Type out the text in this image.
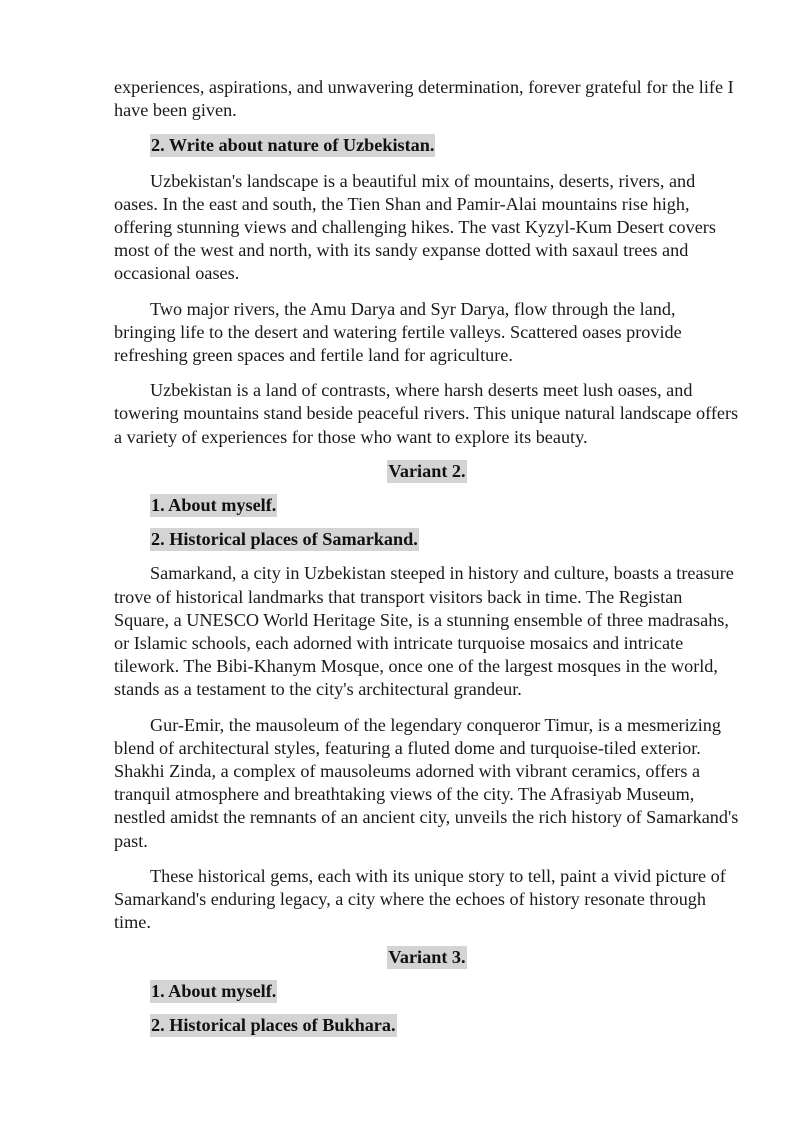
experiences, aspirations, and unwavering determination, forever grateful for the life I have been given.

2. Write about nature of Uzbekistan.

Uzbekistan's landscape is a beautiful mix of mountains, deserts, rivers, and oases. In the east and south, the Tien Shan and Pamir-Alai mountains rise high, offering stunning views and challenging hikes. The vast Kyzyl-Kum Desert covers most of the west and north, with its sandy expanse dotted with saxaul trees and occasional oases.

Two major rivers, the Amu Darya and Syr Darya, flow through the land, bringing life to the desert and watering fertile valleys. Scattered oases provide refreshing green spaces and fertile land for agriculture.

Uzbekistan is a land of contrasts, where harsh deserts meet lush oases, and towering mountains stand beside peaceful rivers. This unique natural landscape offers a variety of experiences for those who want to explore its beauty.

Variant 2.

1. About myself.

2. Historical places of Samarkand.

Samarkand, a city in Uzbekistan steeped in history and culture, boasts a treasure trove of historical landmarks that transport visitors back in time. The Registan Square, a UNESCO World Heritage Site, is a stunning ensemble of three madrasahs, or Islamic schools, each adorned with intricate turquoise mosaics and intricate tilework. The Bibi-Khanym Mosque, once one of the largest mosques in the world, stands as a testament to the city's architectural grandeur.

Gur-Emir, the mausoleum of the legendary conqueror Timur, is a mesmerizing blend of architectural styles, featuring a fluted dome and turquoise-tiled exterior. Shakhi Zinda, a complex of mausoleums adorned with vibrant ceramics, offers a tranquil atmosphere and breathtaking views of the city. The Afrasiyab Museum, nestled amidst the remnants of an ancient city, unveils the rich history of Samarkand's past.

These historical gems, each with its unique story to tell, paint a vivid picture of Samarkand's enduring legacy, a city where the echoes of history resonate through time.

Variant 3.

1. About myself.

2. Historical places of Bukhara.
